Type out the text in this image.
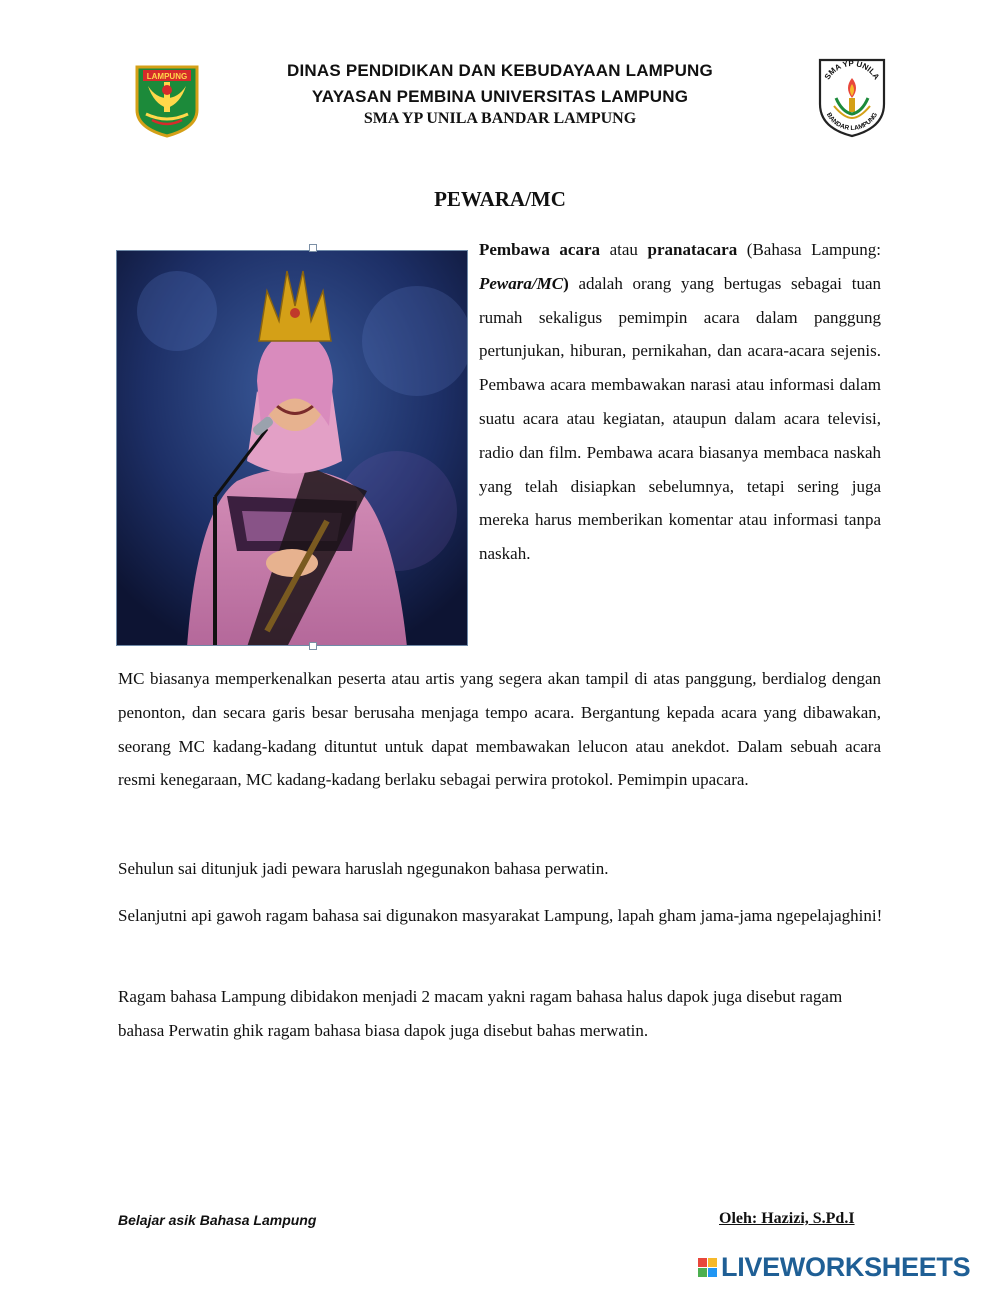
LAMPUNG	DINAS PENDIDIKAN DAN KEBUDAYAAN LAMPUNG
YAYASAN PEMBINA UNIVERSITAS LAMPUNG
SMA YP UNILA BANDAR LAMPUNG
SMA YP UNILA
BANDAR LAMPUNG
PEWARA/MC
Pembawa acara atau pranatacara (Bahasa Lampung: Pewara/MC) adalah orang yang bertugas sebagai tuan rumah sekaligus pemimpin acara dalam panggung pertunjukan, hiburan, pernikahan, dan acara-acara sejenis. Pembawa acara membawakan narasi atau informasi dalam suatu acara atau kegiatan, ataupun dalam acara televisi, radio dan film. Pembawa acara biasanya membaca naskah yang telah disiapkan sebelumnya, tetapi sering juga mereka harus memberikan komentar atau informasi tanpa naskah.
MC biasanya memperkenalkan peserta atau artis yang segera akan tampil di atas panggung, berdialog dengan penonton, dan secara garis besar berusaha menjaga tempo acara. Bergantung kepada acara yang dibawakan, seorang MC kadang-kadang dituntut untuk dapat membawakan lelucon atau anekdot. Dalam sebuah acara resmi kenegaraan, MC kadang-kadang berlaku sebagai perwira protokol. Pemimpin upacara.
Sehulun sai ditunjuk jadi pewara haruslah ngegunakon bahasa perwatin.
Selanjutni api gawoh ragam bahasa sai digunakon masyarakat Lampung, lapah gham jama-jama ngepelajaghini!
Ragam bahasa Lampung dibidakon menjadi 2 macam yakni ragam bahasa halus dapok juga disebut ragam bahasa Perwatin ghik ragam bahasa biasa dapok juga disebut bahas merwatin.
Belajar asik Bahasa Lampung	Oleh: Hazizi, S.Pd.I
LIVEWORKSHEETS
